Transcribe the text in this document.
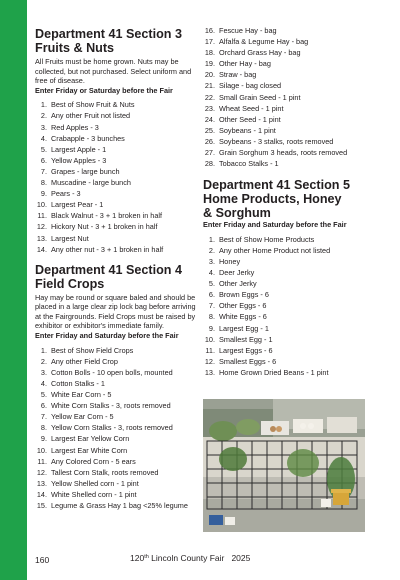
Department 41 Section 3
Fruits & Nuts
All Fruits must be home grown. Nuts may be collected, but not purchased. Select uniform and free of disease.
Enter Friday or Saturday before the Fair
1. Best of Show Fruit & Nuts
2. Any other Fruit not listed
3. Red Apples - 3
4. Crabapple - 3 bunches
5. Largest Apple - 1
6. Yellow Apples - 3
7. Grapes - large bunch
8. Muscadine - large bunch
9. Pears - 3
10. Largest Pear - 1
11. Black Walnut - 3 + 1 broken in half
12. Hickory Nut - 3 + 1 broken in half
13. Largest Nut
14. Any other nut - 3 + 1 broken in half
Department 41 Section 4
Field Crops
Hay may be round or square baled and should be placed in a large clear zip lock bag before arriving at the Fairgrounds. Field Crops must be raised by exhibitor or exhibitor's immediate family.
Enter Friday and Saturday before the Fair
1. Best of Show Field Crops
2. Any other Field Crop
3. Cotton Bolls - 10 open bolls, mounted
4. Cotton Stalks - 1
5. White Ear Corn - 5
6. White Corn Stalks - 3, roots removed
7. Yellow Ear Corn - 5
8. Yellow Corn Stalks - 3, roots removed
9. Largest Ear Yellow Corn
10. Largest Ear White Corn
11. Any Colored Corn - 5 ears
12. Tallest Corn Stalk, roots removed
13. Yellow Shelled corn - 1 pint
14. White Shelled corn - 1 pint
15. Legume & Grass Hay 1 bag <25% legume
16. Fescue Hay - bag
17. Alfalfa & Legume Hay - bag
18. Orchard Grass Hay - bag
19. Other Hay - bag
20. Straw - bag
21. Silage - bag closed
22. Small Grain Seed - 1 pint
23. Wheat Seed - 1 pint
24. Other Seed - 1 pint
25. Soybeans - 1 pint
26. Soybeans - 3 stalks, roots removed
27. Grain Sorghum 3 heads, roots removed
28. Tobacco Stalks - 1
Department 41 Section 5
Home Products, Honey
& Sorghum
Enter Friday and Saturday before the Fair
1. Best of Show Home Products
2. Any other Home Product not listed
3. Honey
4. Deer Jerky
5. Other Jerky
6. Brown Eggs - 6
7. Other Eggs - 6
8. White Eggs - 6
9. Largest Egg - 1
10. Smallest Egg - 1
11. Largest Eggs - 6
12. Smallest Eggs - 6
13. Home Grown Dried Beans - 1 pint
160	120th Lincoln County Fair   2025
